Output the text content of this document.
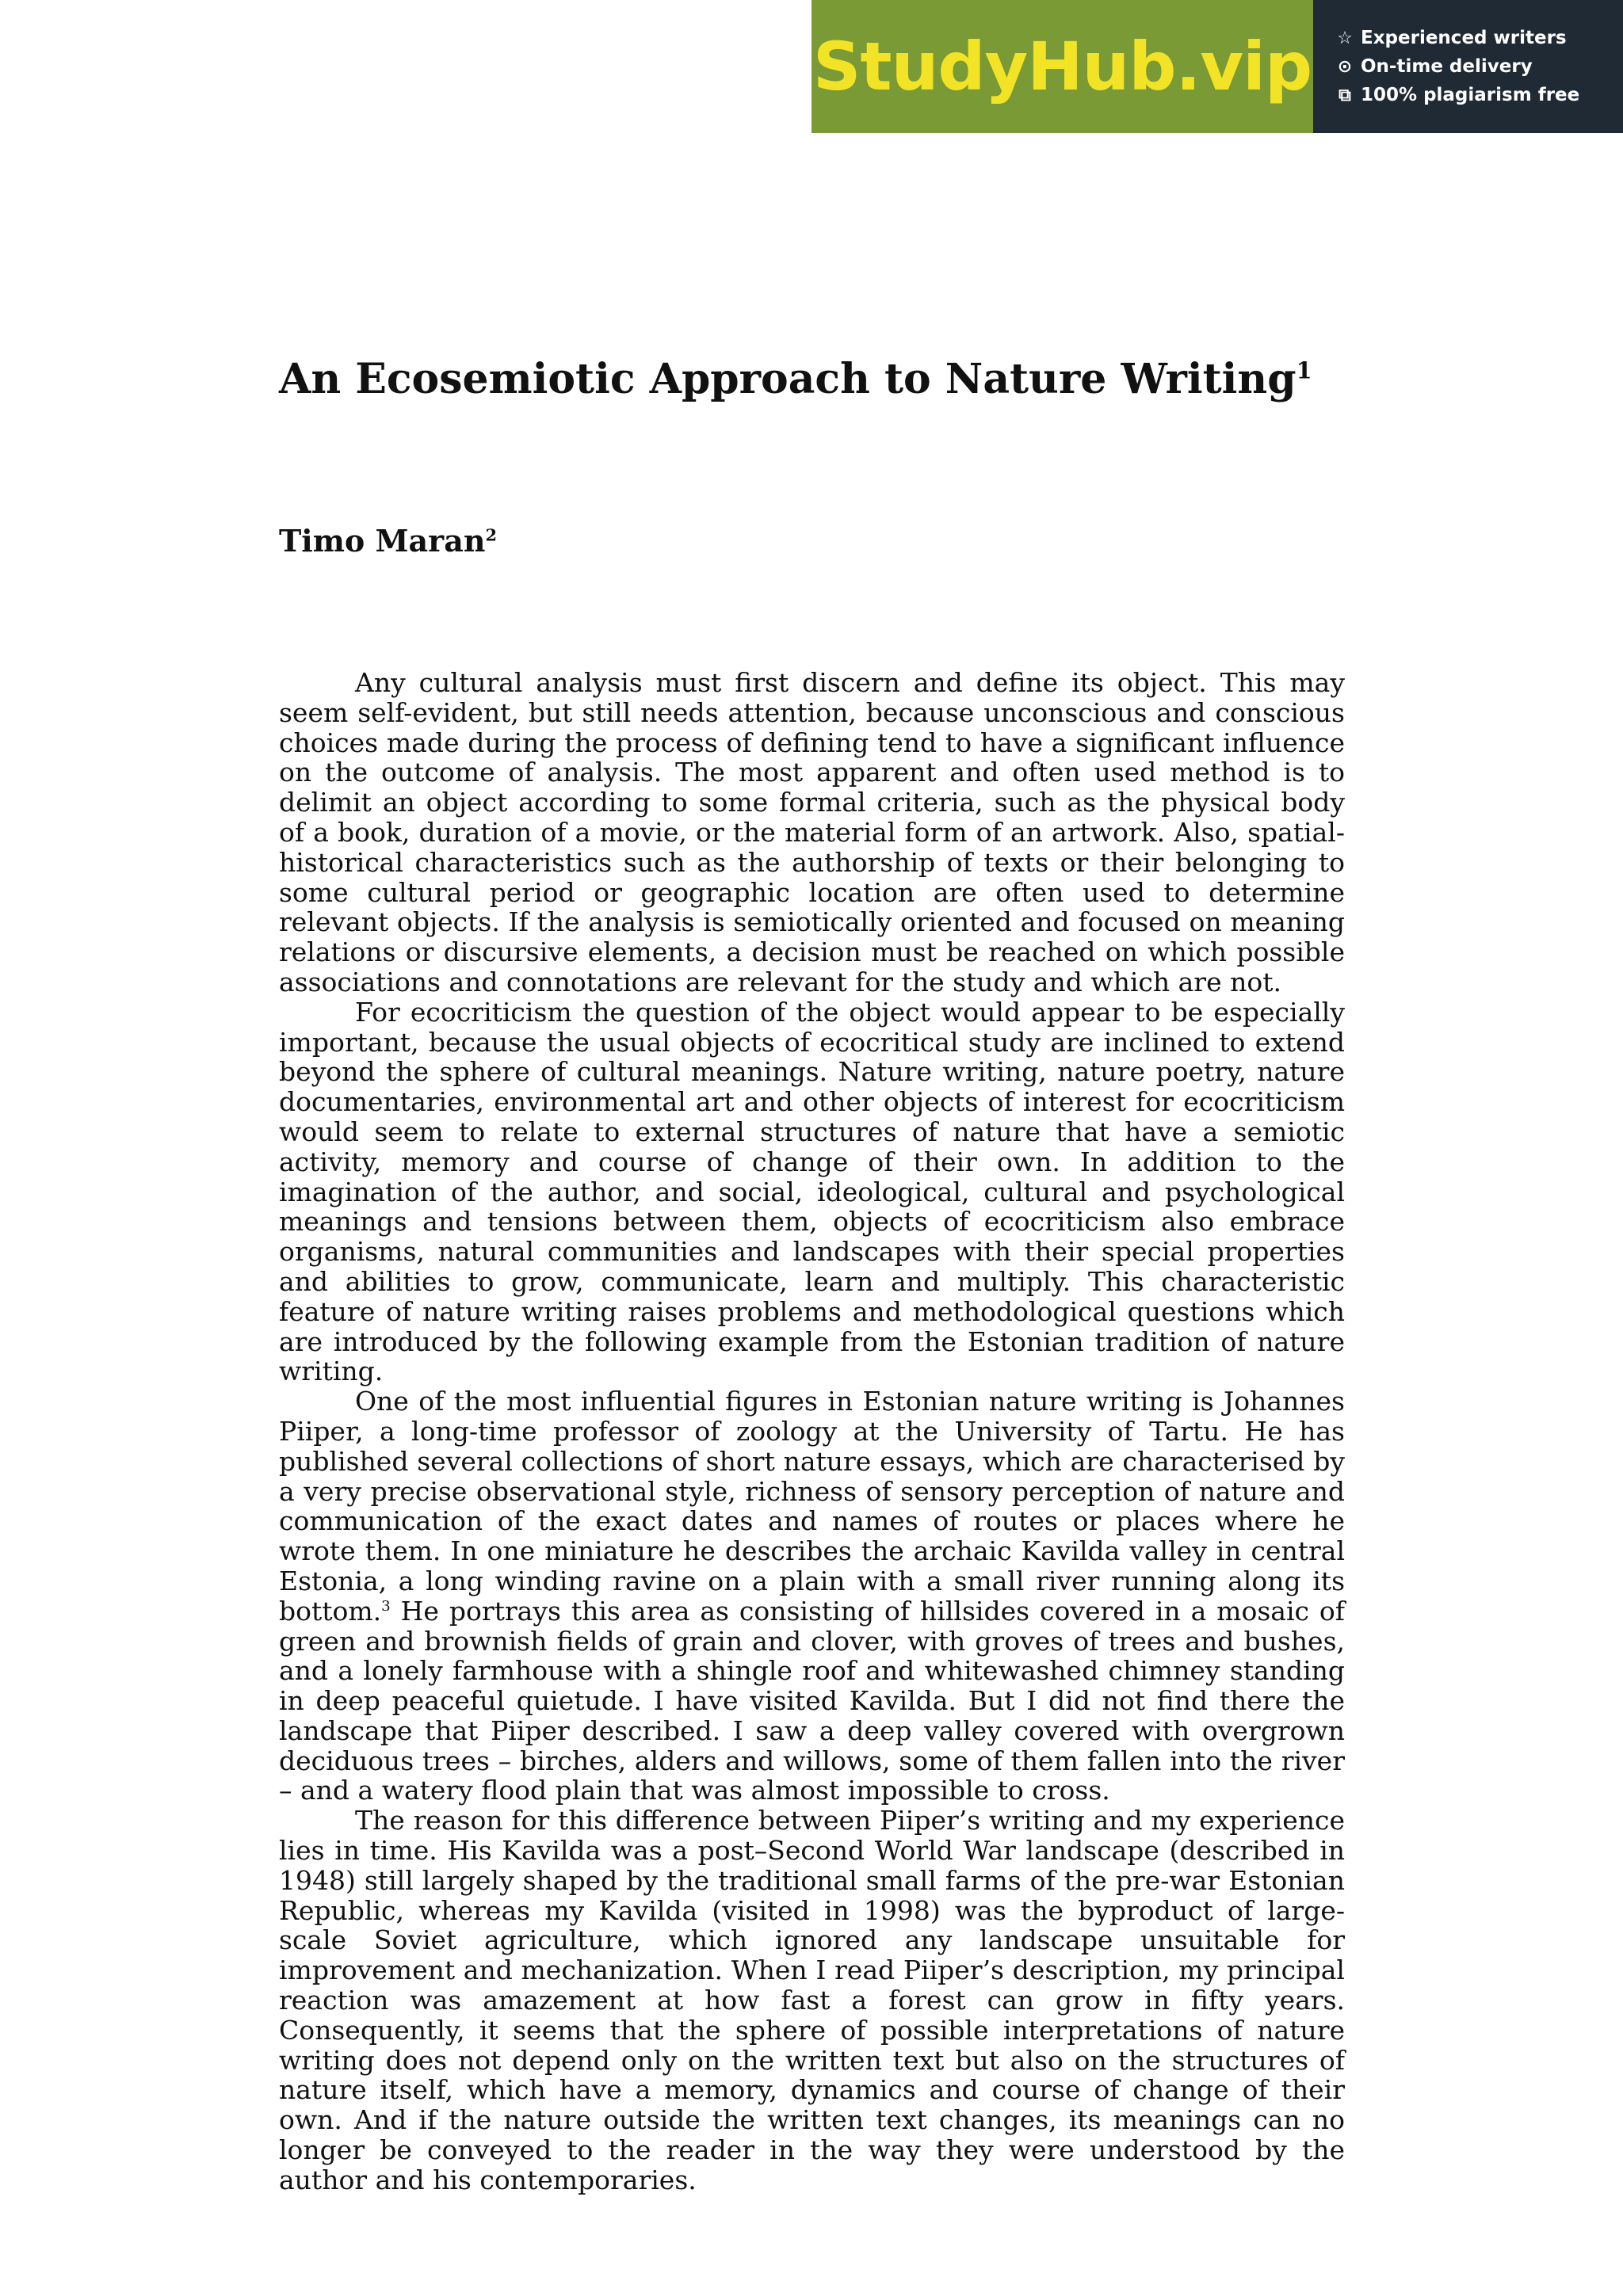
StudyHub.vip ☆ Experienced writers
⊙ On-time delivery
⧉ 100% plagiarism free
An Ecosemiotic Approach to Nature Writing$^1$
Timo Maran$^2$

Any cultural analysis must first discern and define its object. This may seem self-evident, but still needs attention, because unconscious and conscious choices made during the process of defining tend to have a significant influence on the outcome of analysis. The most apparent and often used method is to delimit an object according to some formal criteria, such as the physical body of a book, duration of a movie, or the material form of an artwork. Also, spatial-historical characteristics such as the authorship of texts or their belonging to some cultural period or geographic location are often used to determine relevant objects. If the analysis is semiotically oriented and focused on meaning relations or discursive elements, a decision must be reached on which possible associations and connotations are relevant for the study and which are not.

For ecocriticism the question of the object would appear to be especially important, because the usual objects of ecocritical study are inclined to extend beyond the sphere of cultural meanings. Nature writing, nature poetry, nature documentaries, environmental art and other objects of interest for ecocriticism would seem to relate to external structures of nature that have a semiotic activity, memory and course of change of their own. In addition to the imagination of the author, and social, ideological, cultural and psychological meanings and tensions between them, objects of ecocriticism also embrace organisms, natural communities and landscapes with their special properties and abilities to grow, communicate, learn and multiply. This characteristic feature of nature writing raises problems and methodological questions which are introduced by the following example from the Estonian tradition of nature writing.

One of the most influential figures in Estonian nature writing is Johannes Piiper, a long-time professor of zoology at the University of Tartu. He has published several collections of short nature essays, which are characterised by a very precise observational style, richness of sensory perception of nature and communication of the exact dates and names of routes or places where he wrote them. In one miniature he describes the archaic Kavilda valley in central Estonia, a long winding ravine on a plain with a small river running along its bottom.$^3$ He portrays this area as consisting of hillsides covered in a mosaic of green and brownish fields of grain and clover, with groves of trees and bushes, and a lonely farmhouse with a shingle roof and whitewashed chimney standing in deep peaceful quietude. I have visited Kavilda. But I did not find there the landscape that Piiper described. I saw a deep valley covered with overgrown deciduous trees – birches, alders and willows, some of them fallen into the river – and a watery flood plain that was almost impossible to cross.

The reason for this difference between Piiper’s writing and my experience lies in time. His Kavilda was a post–Second World War landscape (described in 1948) still largely shaped by the traditional small farms of the pre-war Estonian Republic, whereas my Kavilda (visited in 1998) was the byproduct of large-scale Soviet agriculture, which ignored any landscape unsuitable for improvement and mechanization. When I read Piiper’s description, my principal reaction was amazement at how fast a forest can grow in fifty years. Consequently, it seems that the sphere of possible interpretations of nature writing does not depend only on the written text but also on the structures of nature itself, which have a memory, dynamics and course of change of their own. And if the nature outside the written text changes, its meanings can no longer be conveyed to the reader in the way they were understood by the author and his contemporaries.
